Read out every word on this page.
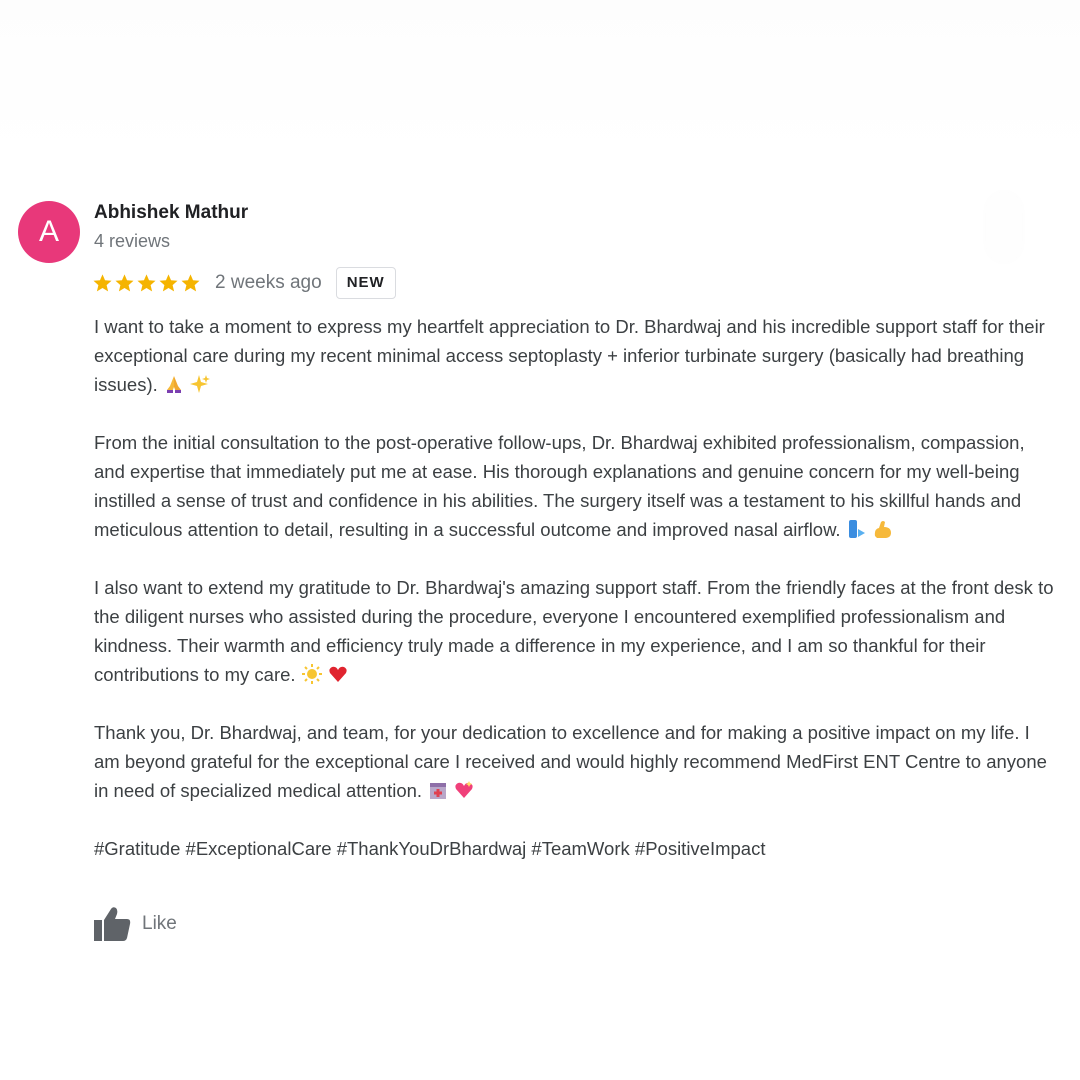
A
Abhishek Mathur
4 reviews
2 weeks ago	NEW

I want to take a moment to express my heartfelt appreciation to Dr. Bhardwaj and his incredible support staff for their exceptional care during my recent minimal access septoplasty + inferior turbinate surgery (basically had breathing issues).

From the initial consultation to the post-operative follow-ups, Dr. Bhardwaj exhibited professionalism, compassion, and expertise that immediately put me at ease. His thorough explanations and genuine concern for my well-being instilled a sense of trust and confidence in his abilities. The surgery itself was a testament to his skillful hands and meticulous attention to detail, resulting in a successful outcome and improved nasal airflow.

I also want to extend my gratitude to Dr. Bhardwaj's amazing support staff. From the friendly faces at the front desk to the diligent nurses who assisted during the procedure, everyone I encountered exemplified professionalism and kindness. Their warmth and efficiency truly made a difference in my experience, and I am so thankful for their contributions to my care.

Thank you, Dr. Bhardwaj, and team, for your dedication to excellence and for making a positive impact on my life. I am beyond grateful for the exceptional care I received and would highly recommend MedFirst ENT Centre to anyone in need of specialized medical attention.

#Gratitude #ExceptionalCare #ThankYouDrBhardwaj #TeamWork #PositiveImpact

Like
